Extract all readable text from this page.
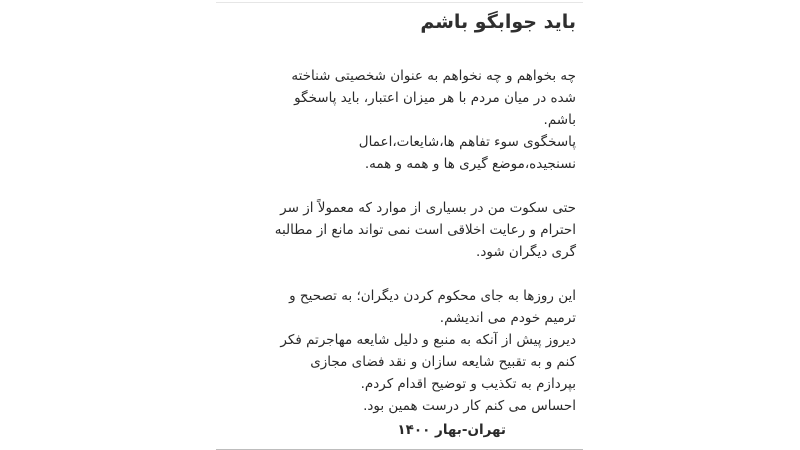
باید جوابگو باشم

چه بخواهم و چه نخواهم به عنوان شخصیتی شناخته
شده در میان مردم با هر میزان اعتبار، باید پاسخگو
باشم.
پاسخگوی سوء تفاهم ها،شایعات،اعمال
نسنجیده،موضع گیری ها و همه و همه.

حتی سکوت من در بسیاری از موارد که معمولاً از سر
احترام و رعایت اخلاقی است نمی تواند مانع از مطالبه
گری دیگران شود.

این روزها به جای محکوم کردن دیگران؛ به تصحیح و
ترمیم خودم می اندیشم.
دیروز پیش از آنکه به منبع و دلیل شایعه مهاجرتم فکر
کنم و به تقبیح شایعه سازان و نقد فضای مجازی
بپردازم به تکذیب و توضیح اقدام کردم.
احساس می کنم کار درست همین بود.

تهران-بهار ۱۴۰۰
